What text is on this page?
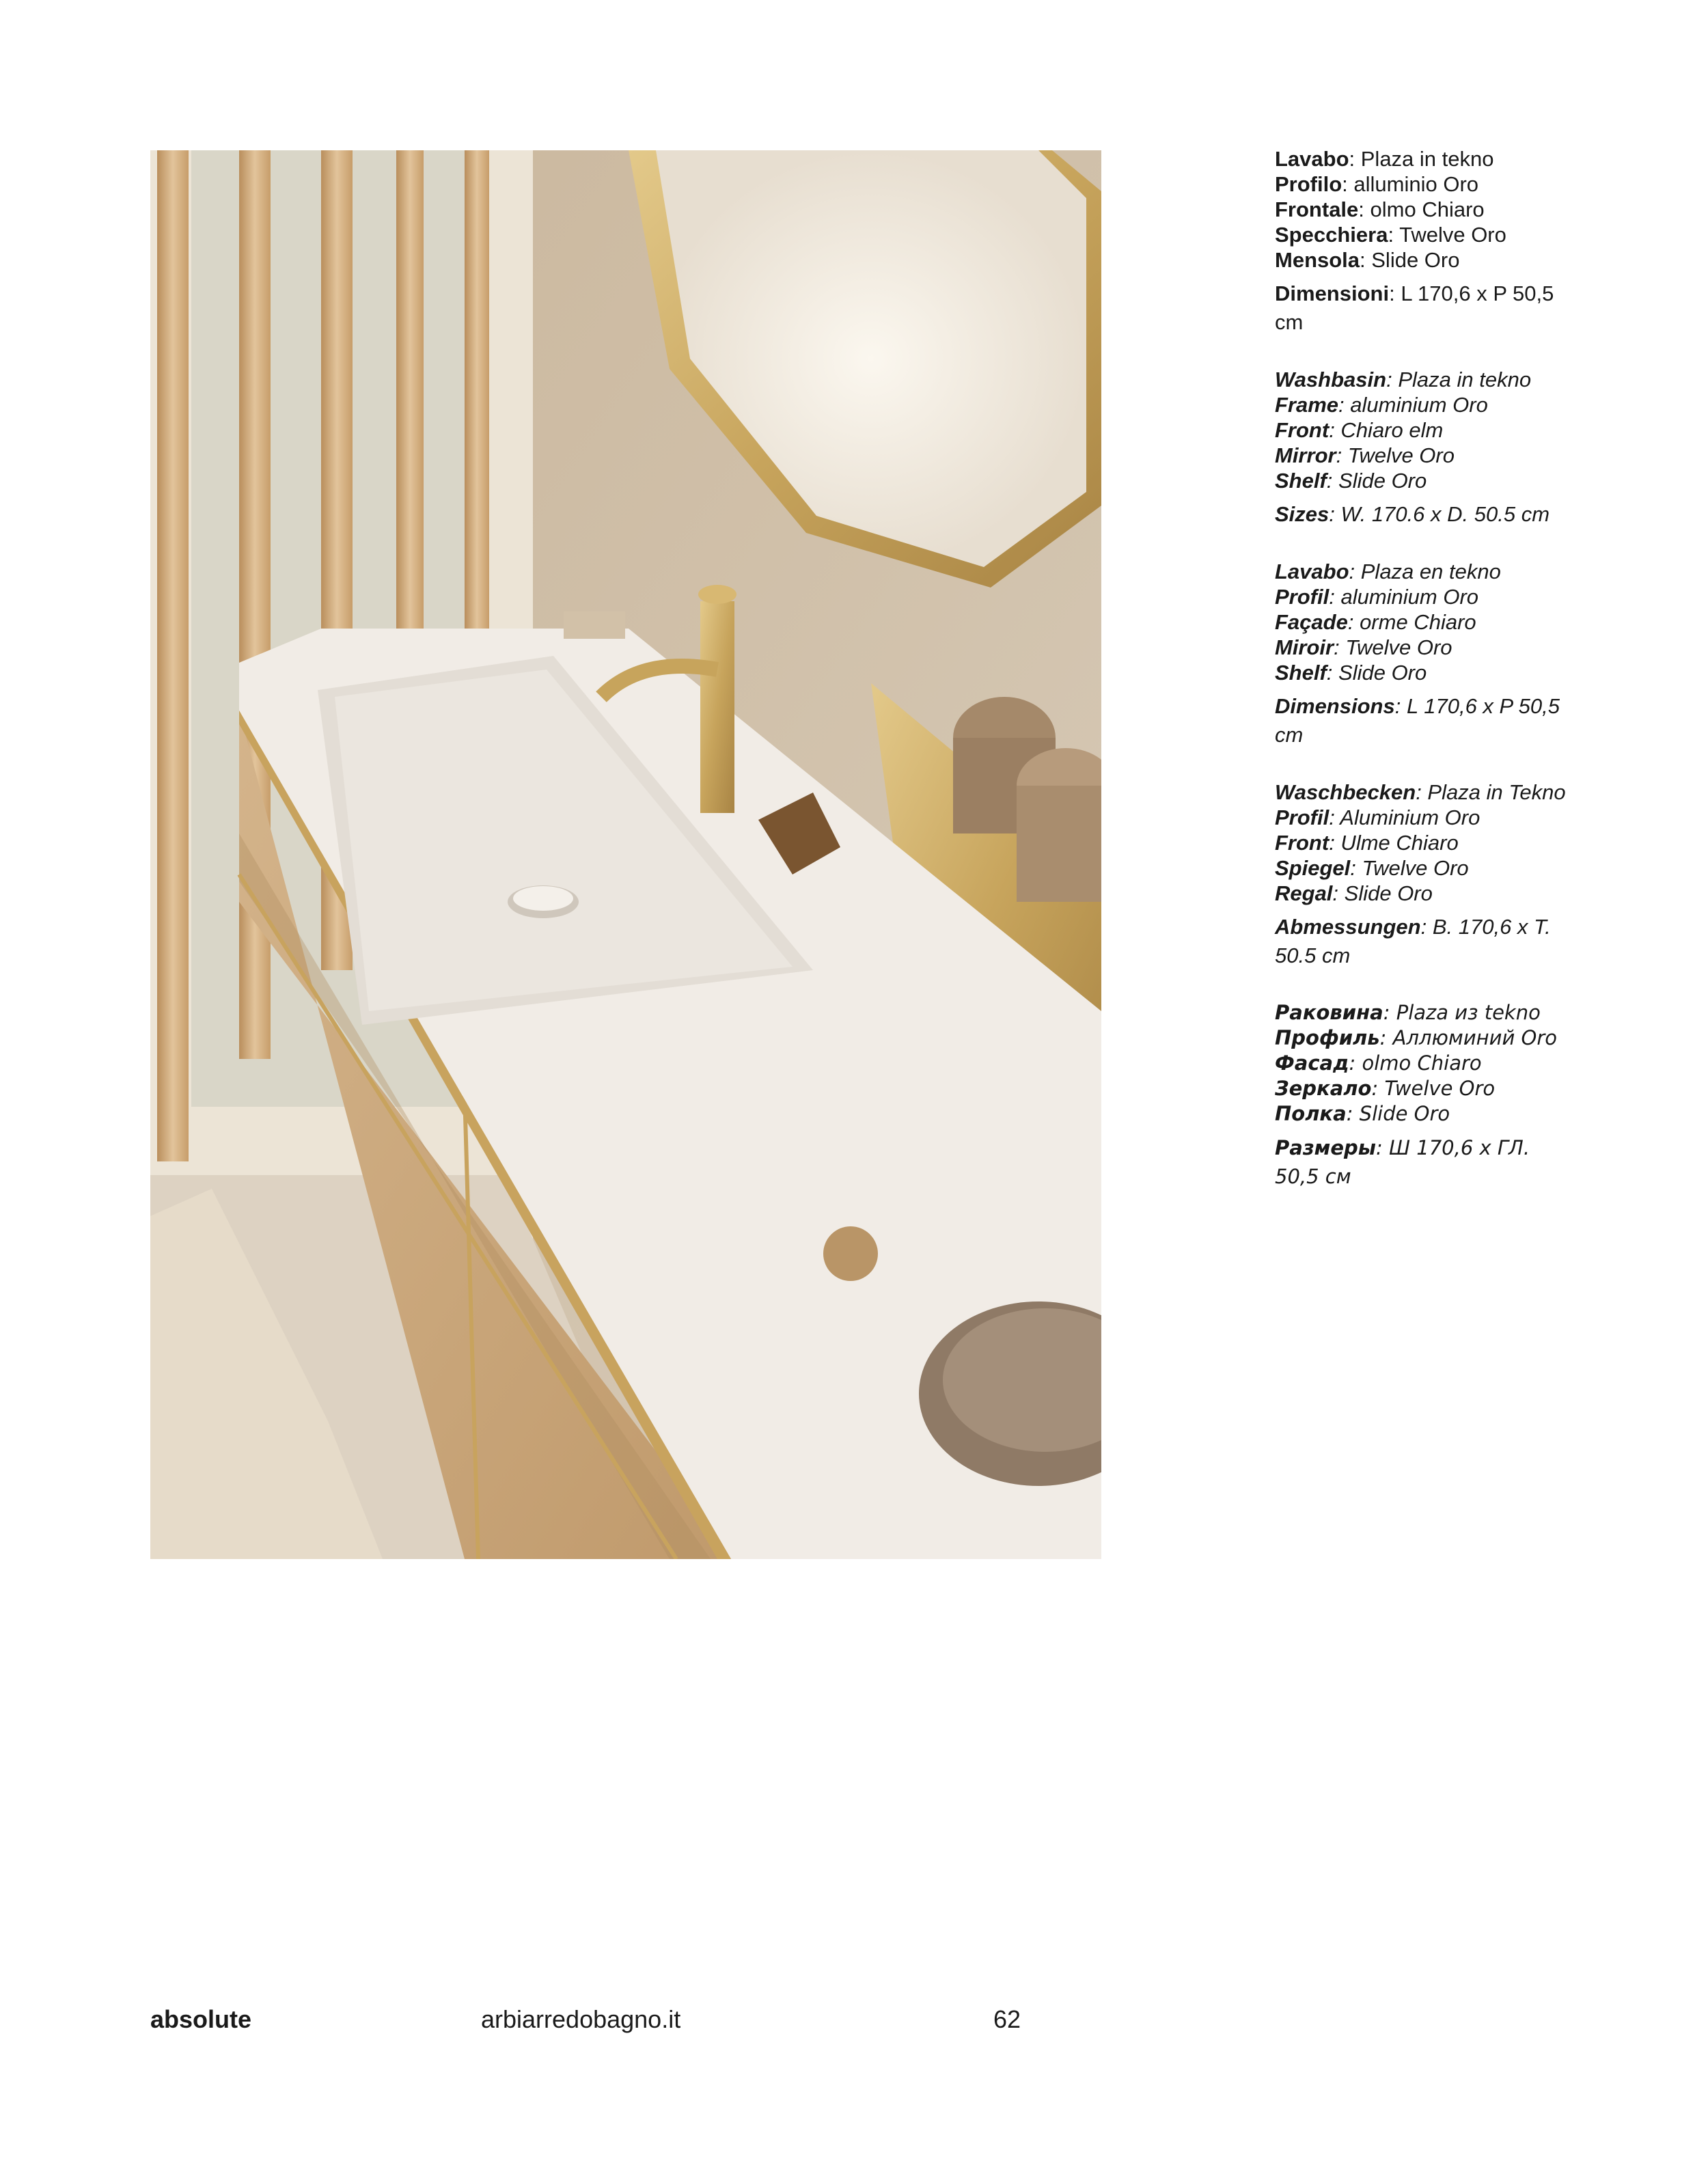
Lavabo: Plaza in tekno
Profilo: alluminio Oro
Frontale: olmo Chiaro
Specchiera: Twelve Oro
Mensola: Slide Oro
Dimensioni: L 170,6 x P 50,5 cm
Washbasin: Plaza in tekno
Frame: aluminium Oro
Front: Chiaro elm
Mirror: Twelve Oro
Shelf: Slide Oro
Sizes: W. 170.6 x D. 50.5 cm
Lavabo: Plaza en tekno
Profil: aluminium Oro
Façade: orme Chiaro
Miroir: Twelve Oro
Shelf: Slide Oro
Dimensions: L 170,6 x P 50,5 cm
Waschbecken: Plaza in Tekno
Profil: Aluminium Oro
Front: Ulme Chiaro
Spiegel: Twelve Oro
Regal: Slide Oro
Abmessungen: B. 170,6 x T. 50.5 cm
Раковина: Plaza из tekno
Профиль: Аллюминий Oro
Фасад: olmo Chiaro
Зеркало: Twelve Oro
Полка: Slide Oro
Размеры: Ш 170,6 х ГЛ. 50,5 см
absolute	arbiarredobagno.it	62
